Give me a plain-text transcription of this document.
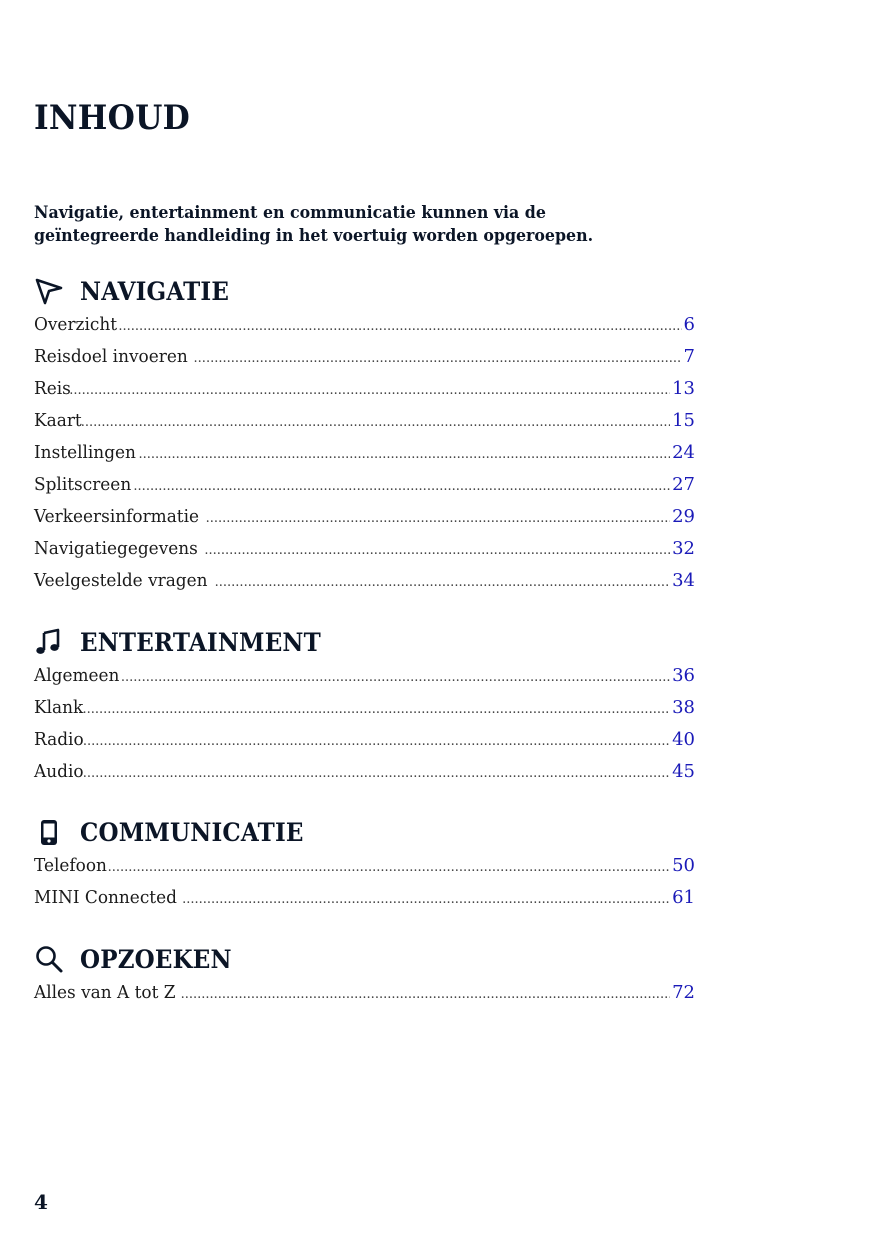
INHOUD

Navigatie, entertainment en communicatie kunnen via de geïntegreerde handleiding in het voertuig worden opgeroepen.

NAVIGATIE
Overzicht .....	6
Reisdoel invoeren .....	7
Reis .....	13
Kaart .....	15
Instellingen .....	24
Splitscreen .....	27
Verkeersinformatie .....	29
Navigatiegegevens .....	32
Veelgestelde vragen .....	34
ENTERTAINMENT
Algemeen .....	36
Klank .....	38
Radio .....	40
Audio .....	45
COMMUNICATIE
Telefoon .....	50
MINI Connected .....	61
OPZOEKEN
Alles van A tot Z .....	72
4
